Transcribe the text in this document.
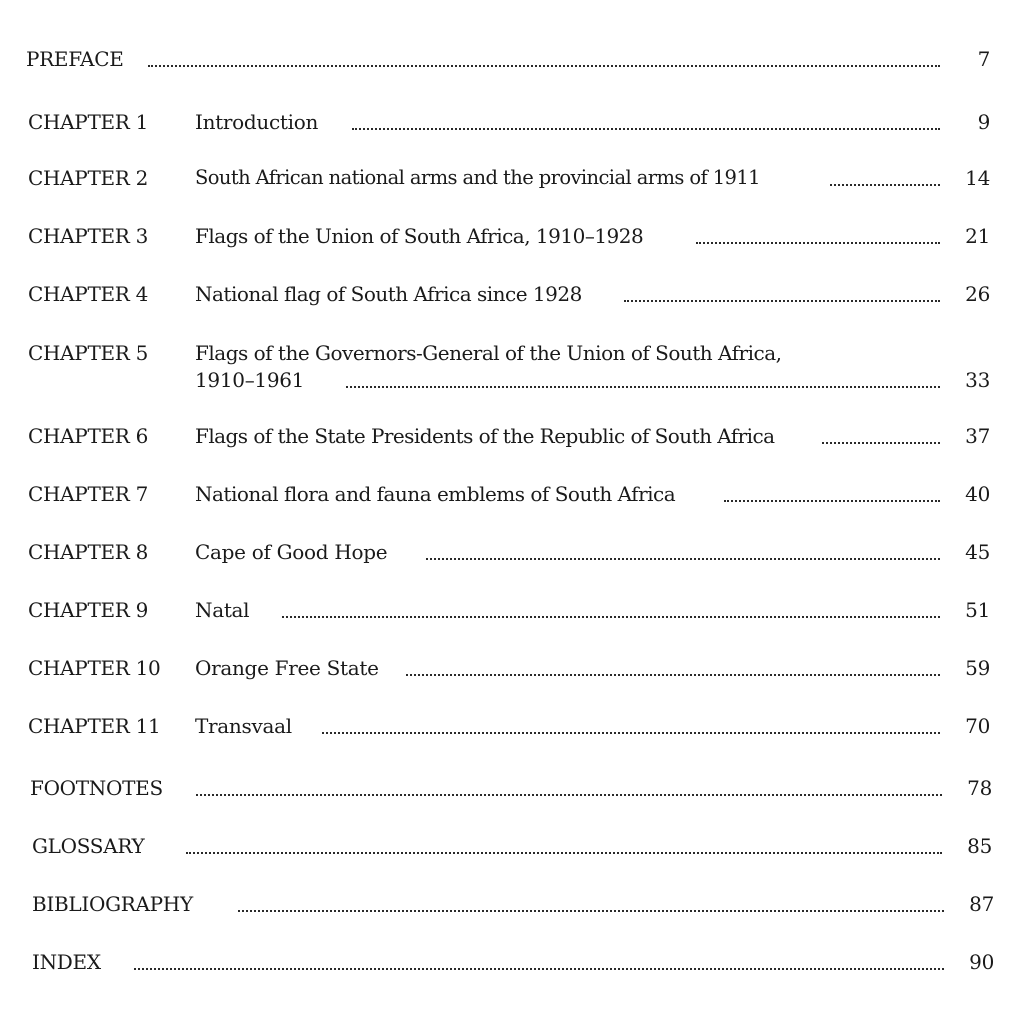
PREFACE	7
CHAPTER 1 Introduction	9
CHAPTER 2 South African national arms and the provincial arms of 1911	14
CHAPTER 3 Flags of the Union of South Africa, 1910–1928	21
CHAPTER 4 National flag of South Africa since 1928	26
CHAPTER 5 Flags of the Governors-General of the Union of South Africa,
1910–1961	33
CHAPTER 6 Flags of the State Presidents of the Republic of South Africa	37
CHAPTER 7 National flora and fauna emblems of South Africa	40
CHAPTER 8 Cape of Good Hope	45
CHAPTER 9 Natal	51
CHAPTER 10 Orange Free State	59
CHAPTER 11 Transvaal	70
FOOTNOTES	78
GLOSSARY	85
BIBLIOGRAPHY	87
INDEX	90
